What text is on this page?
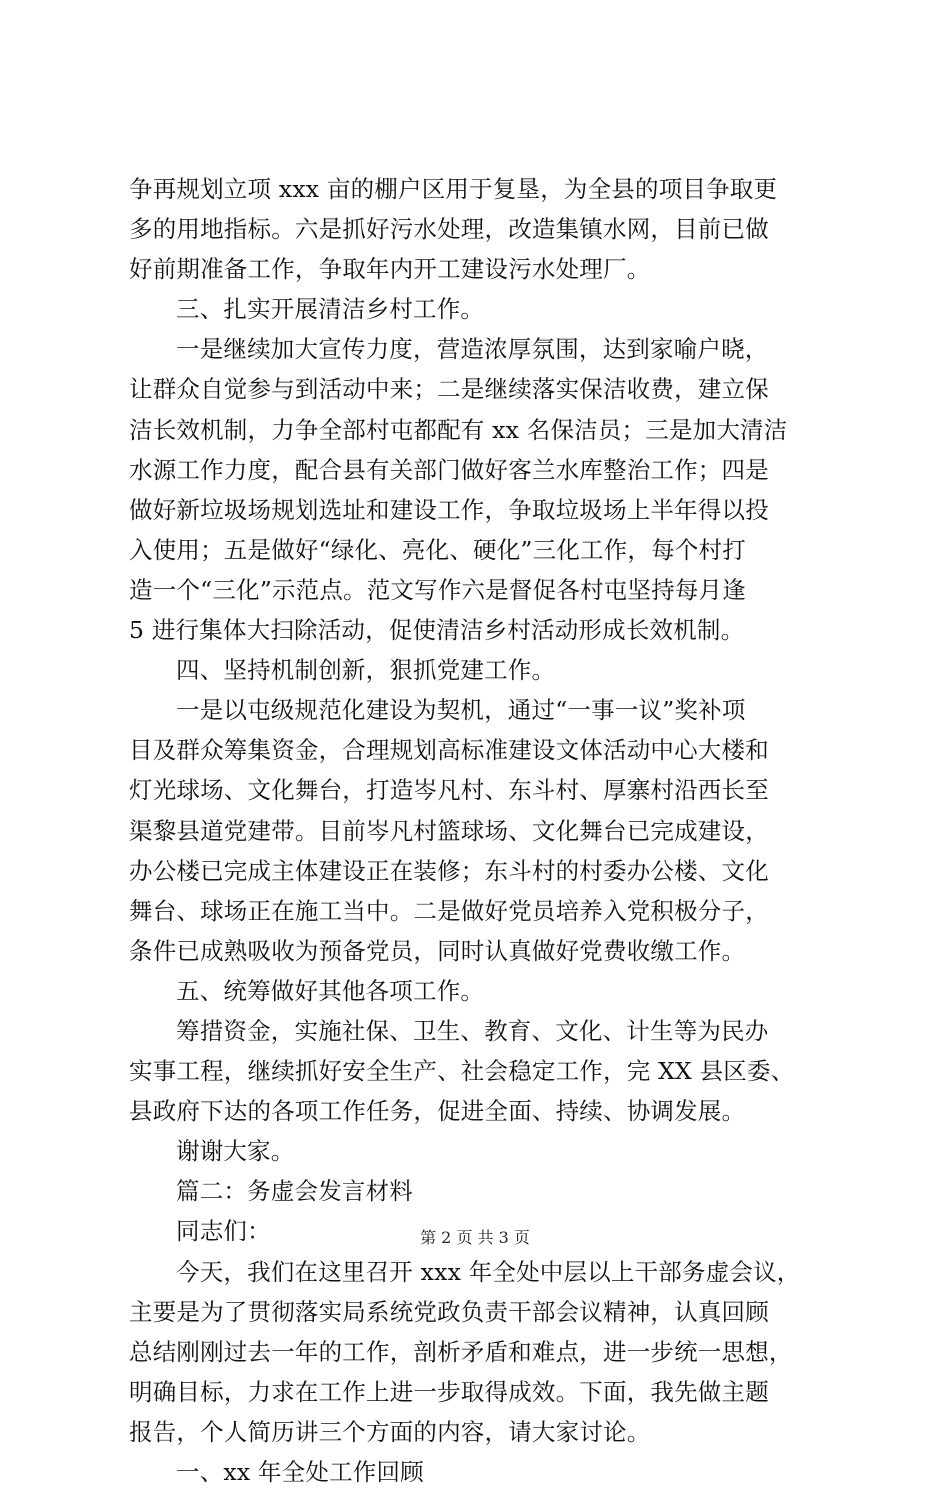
争再规划立项 xxx 亩的棚户区用于复垦，为全县的项目争取更
多的用地指标。六是抓好污水处理，改造集镇水网，目前已做
好前期准备工作，争取年内开工建设污水处理厂。
三、扎实开展清洁乡村工作。
一是继续加大宣传力度，营造浓厚氛围，达到家喻户晓，
让群众自觉参与到活动中来；二是继续落实保洁收费，建立保
洁长效机制，力争全部村屯都配有 xx 名保洁员；三是加大清洁
水源工作力度，配合县有关部门做好客兰水库整治工作；四是
做好新垃圾场规划选址和建设工作，争取垃圾场上半年得以投
入使用；五是做好“绿化、亮化、硬化”三化工作，每个村打
造一个“三化”示范点。范文写作六是督促各村屯坚持每月逢
5 进行集体大扫除活动，促使清洁乡村活动形成长效机制。
四、坚持机制创新，狠抓党建工作。
一是以屯级规范化建设为契机，通过“一事一议”奖补项
目及群众筹集资金，合理规划高标准建设文体活动中心大楼和
灯光球场、文化舞台，打造岑凡村、东斗村、厚寨村沿西长至
渠黎县道党建带。目前岑凡村篮球场、文化舞台已完成建设，
办公楼已完成主体建设正在装修；东斗村的村委办公楼、文化
舞台、球场正在施工当中。二是做好党员培养入党积极分子，
条件已成熟吸收为预备党员，同时认真做好党费收缴工作。
五、统筹做好其他各项工作。
筹措资金，实施社保、卫生、教育、文化、计生等为民办
实事工程，继续抓好安全生产、社会稳定工作，完 XX 县区委、
县政府下达的各项工作任务，促进全面、持续、协调发展。
谢谢大家。
篇二：务虚会发言材料
同志们：
今天，我们在这里召开 xxx 年全处中层以上干部务虚会议，
主要是为了贯彻落实局系统党政负责干部会议精神，认真回顾
总结刚刚过去一年的工作，剖析矛盾和难点，进一步统一思想，
明确目标，力求在工作上进一步取得成效。下面，我先做主题
报告，个人简历讲三个方面的内容，请大家讨论。
一、xx 年全处工作回顾
第 2 页 共 3 页
